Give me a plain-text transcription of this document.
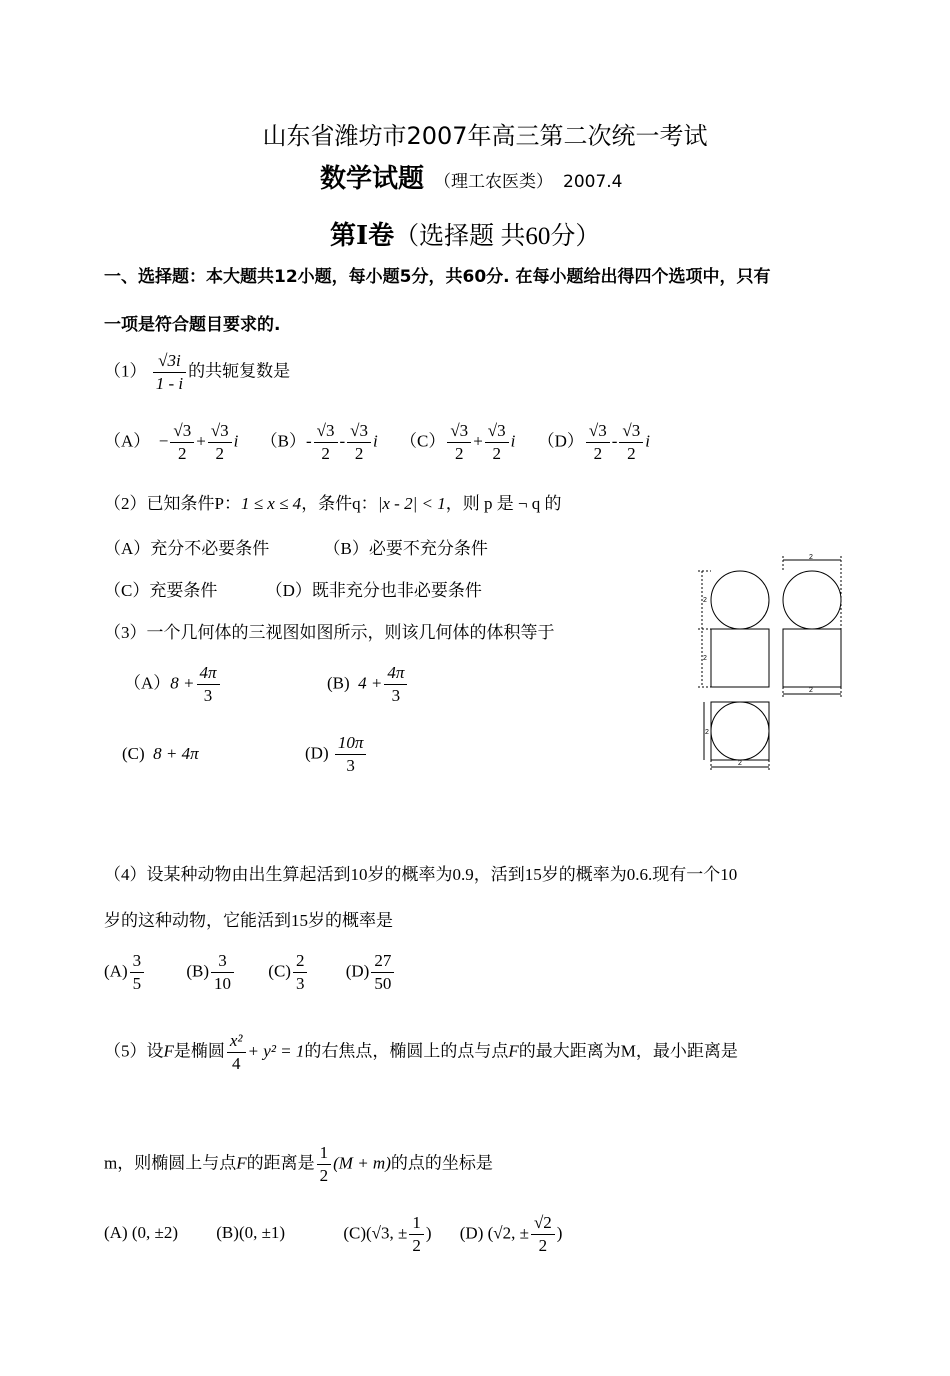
山东省潍坊市2007年高三第二次统一考试
数学试题 （理工农医类） 2007.4
第Ⅰ卷（选择题 共60分）
一、选择题：本大题共12小题，每小题5分，共60分. 在每小题给出得四个选项中，只有
一项是符合题目要求的.
$(1) \frac{√3i}{1 - i}$ 的共轭复数是
$(A) - \frac{√3}{2} + \frac{√3}{2}$ i $(B)- \frac{√3}{2} - \frac{√3}{2}$ i $(C) \frac{√3}{2} + \frac{√3}{2}$ i $(D) \frac{√3}{2} - \frac{√3}{2}$ i
（2）已知条件P：1 ≤ x ≤ 4，条件q：|x - 2| < 1，则 p 是 ¬ q 的
（A）充分不必要条件	（B）必要不充分条件
（C）充要条件	（D）既非充分也非必要条件
（3）一个几何体的三视图如图所示，则该几何体的体积等于
$(A)8 + \frac{4\pi}{3}$	(B) $4 + \frac{4\pi}{3}$
(C) 8 + 4π	$(D) \frac{10\pi}{3}$
2
2
2
2
2
2
（4）设某种动物由出生算起活到10岁的概率为0.9，活到15岁的概率为0.6.现有一个10
岁的这种动物，它能活到15岁的概率是
$(A) \frac{3}{5} (B) \frac{3}{10} (C) \frac{2}{3} (D) \frac{27}{50}$
（5）设F是椭圆 $\frac{\text{x²}}{4} + y^2 = 1$的右焦点，椭圆上的点与点F的最大距离为M，最小距离是
m，则椭圆上与点F的距离是 $\frac{1}{2} (M + m)$的点的坐标是
(A) (0, ±2) (B)(0, ±1)	(C)(√3, ± $\frac{1}{2}$ ) (D) (√2, ± $\frac{√2}{2}$ )
